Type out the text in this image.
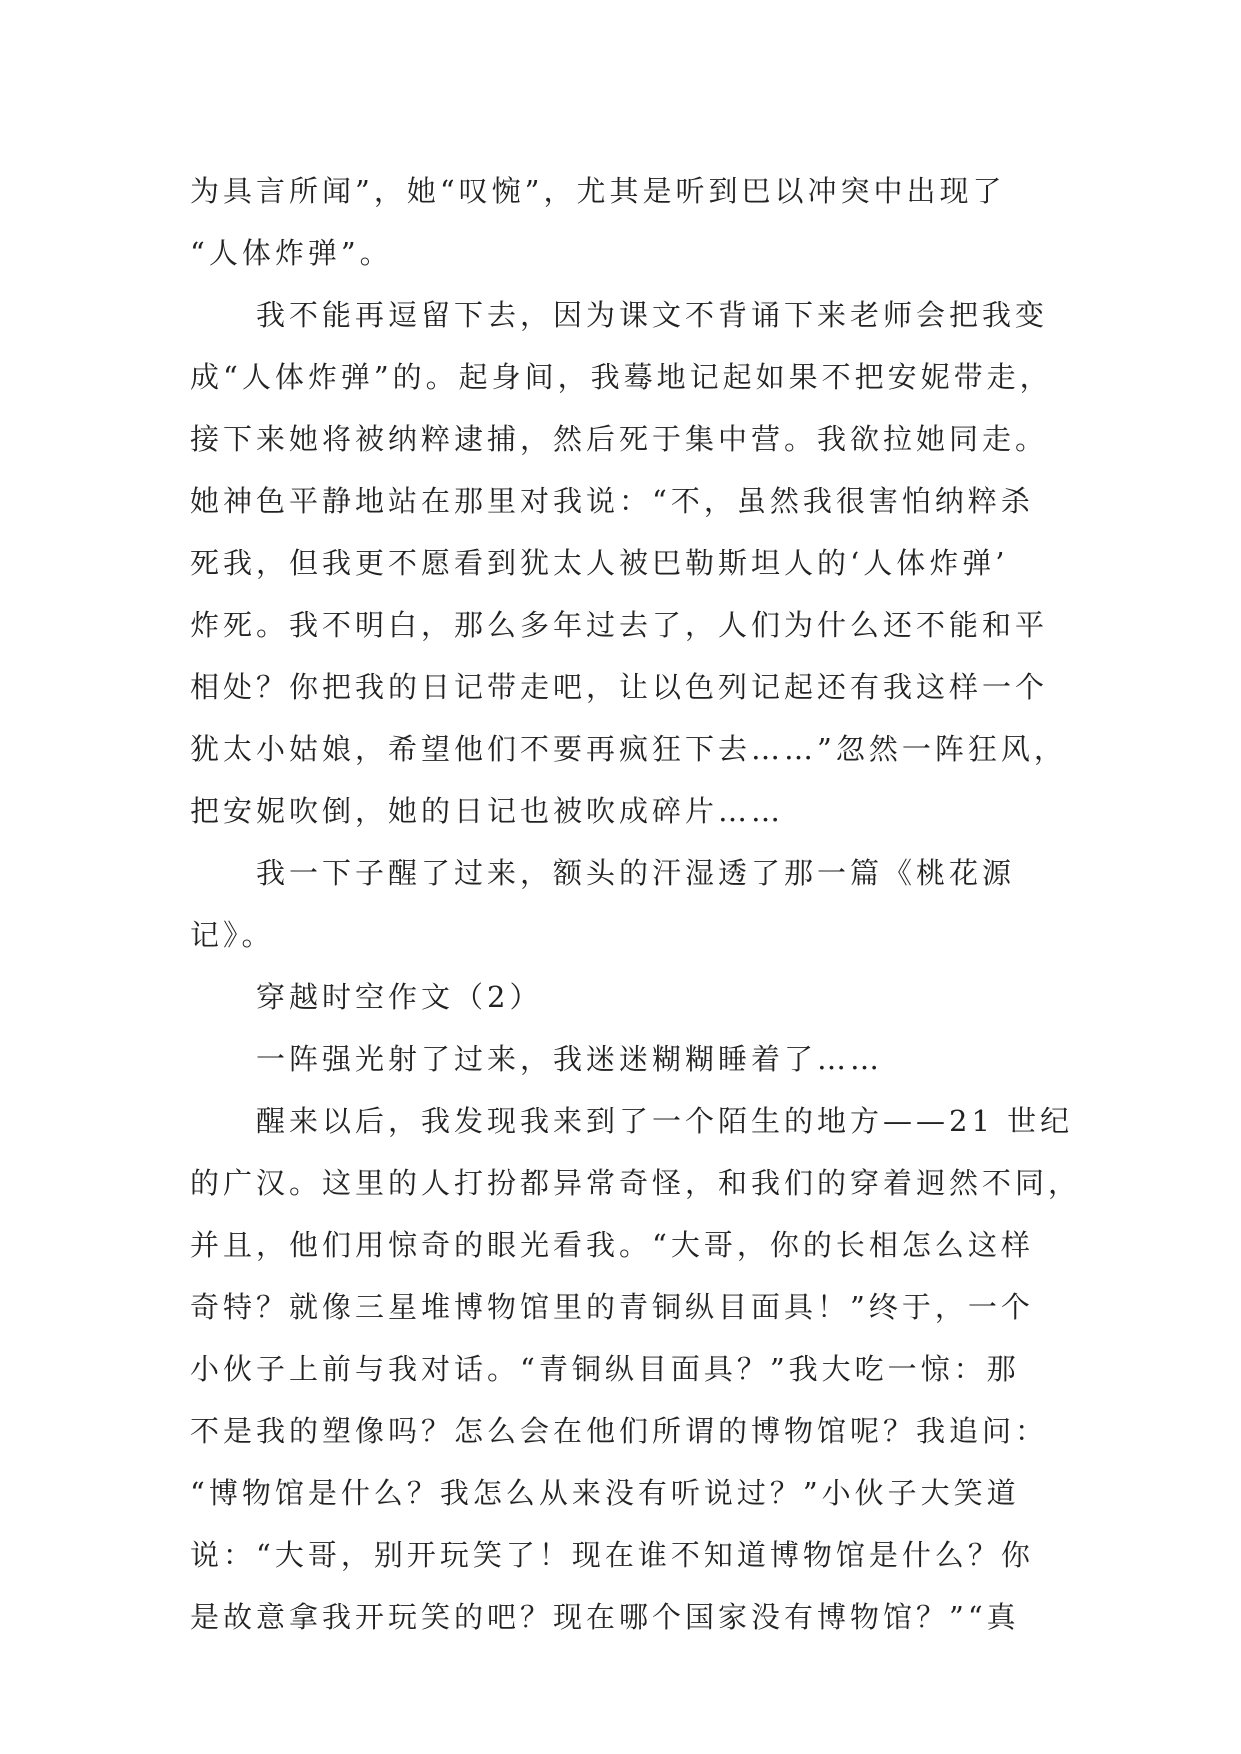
为具言所闻”，她“叹惋”，尤其是听到巴以冲突中出现了
“人体炸弹”。
我不能再逗留下去，因为课文不背诵下来老师会把我变
成“人体炸弹”的。起身间，我蓦地记起如果不把安妮带走，
接下来她将被纳粹逮捕，然后死于集中营。我欲拉她同走。
她神色平静地站在那里对我说：“不，虽然我很害怕纳粹杀
死我，但我更不愿看到犹太人被巴勒斯坦人的‘人体炸弹’
炸死。我不明白，那么多年过去了，人们为什么还不能和平
相处？你把我的日记带走吧，让以色列记起还有我这样一个
犹太小姑娘，希望他们不要再疯狂下去……”忽然一阵狂风，
把安妮吹倒，她的日记也被吹成碎片……
我一下子醒了过来，额头的汗湿透了那一篇《桃花源
记》。
穿越时空作文（2）
一阵强光射了过来，我迷迷糊糊睡着了……
醒来以后，我发现我来到了一个陌生的地方——21 世纪
的广汉。这里的人打扮都异常奇怪，和我们的穿着迥然不同，
并且，他们用惊奇的眼光看我。“大哥，你的长相怎么这样
奇特？就像三星堆博物馆里的青铜纵目面具！”终于，一个
小伙子上前与我对话。“青铜纵目面具？”我大吃一惊：那
不是我的塑像吗？怎么会在他们所谓的博物馆呢？我追问：
“博物馆是什么？我怎么从来没有听说过？”小伙子大笑道
说：“大哥，别开玩笑了！现在谁不知道博物馆是什么？你
是故意拿我开玩笑的吧？现在哪个国家没有博物馆？”“真
